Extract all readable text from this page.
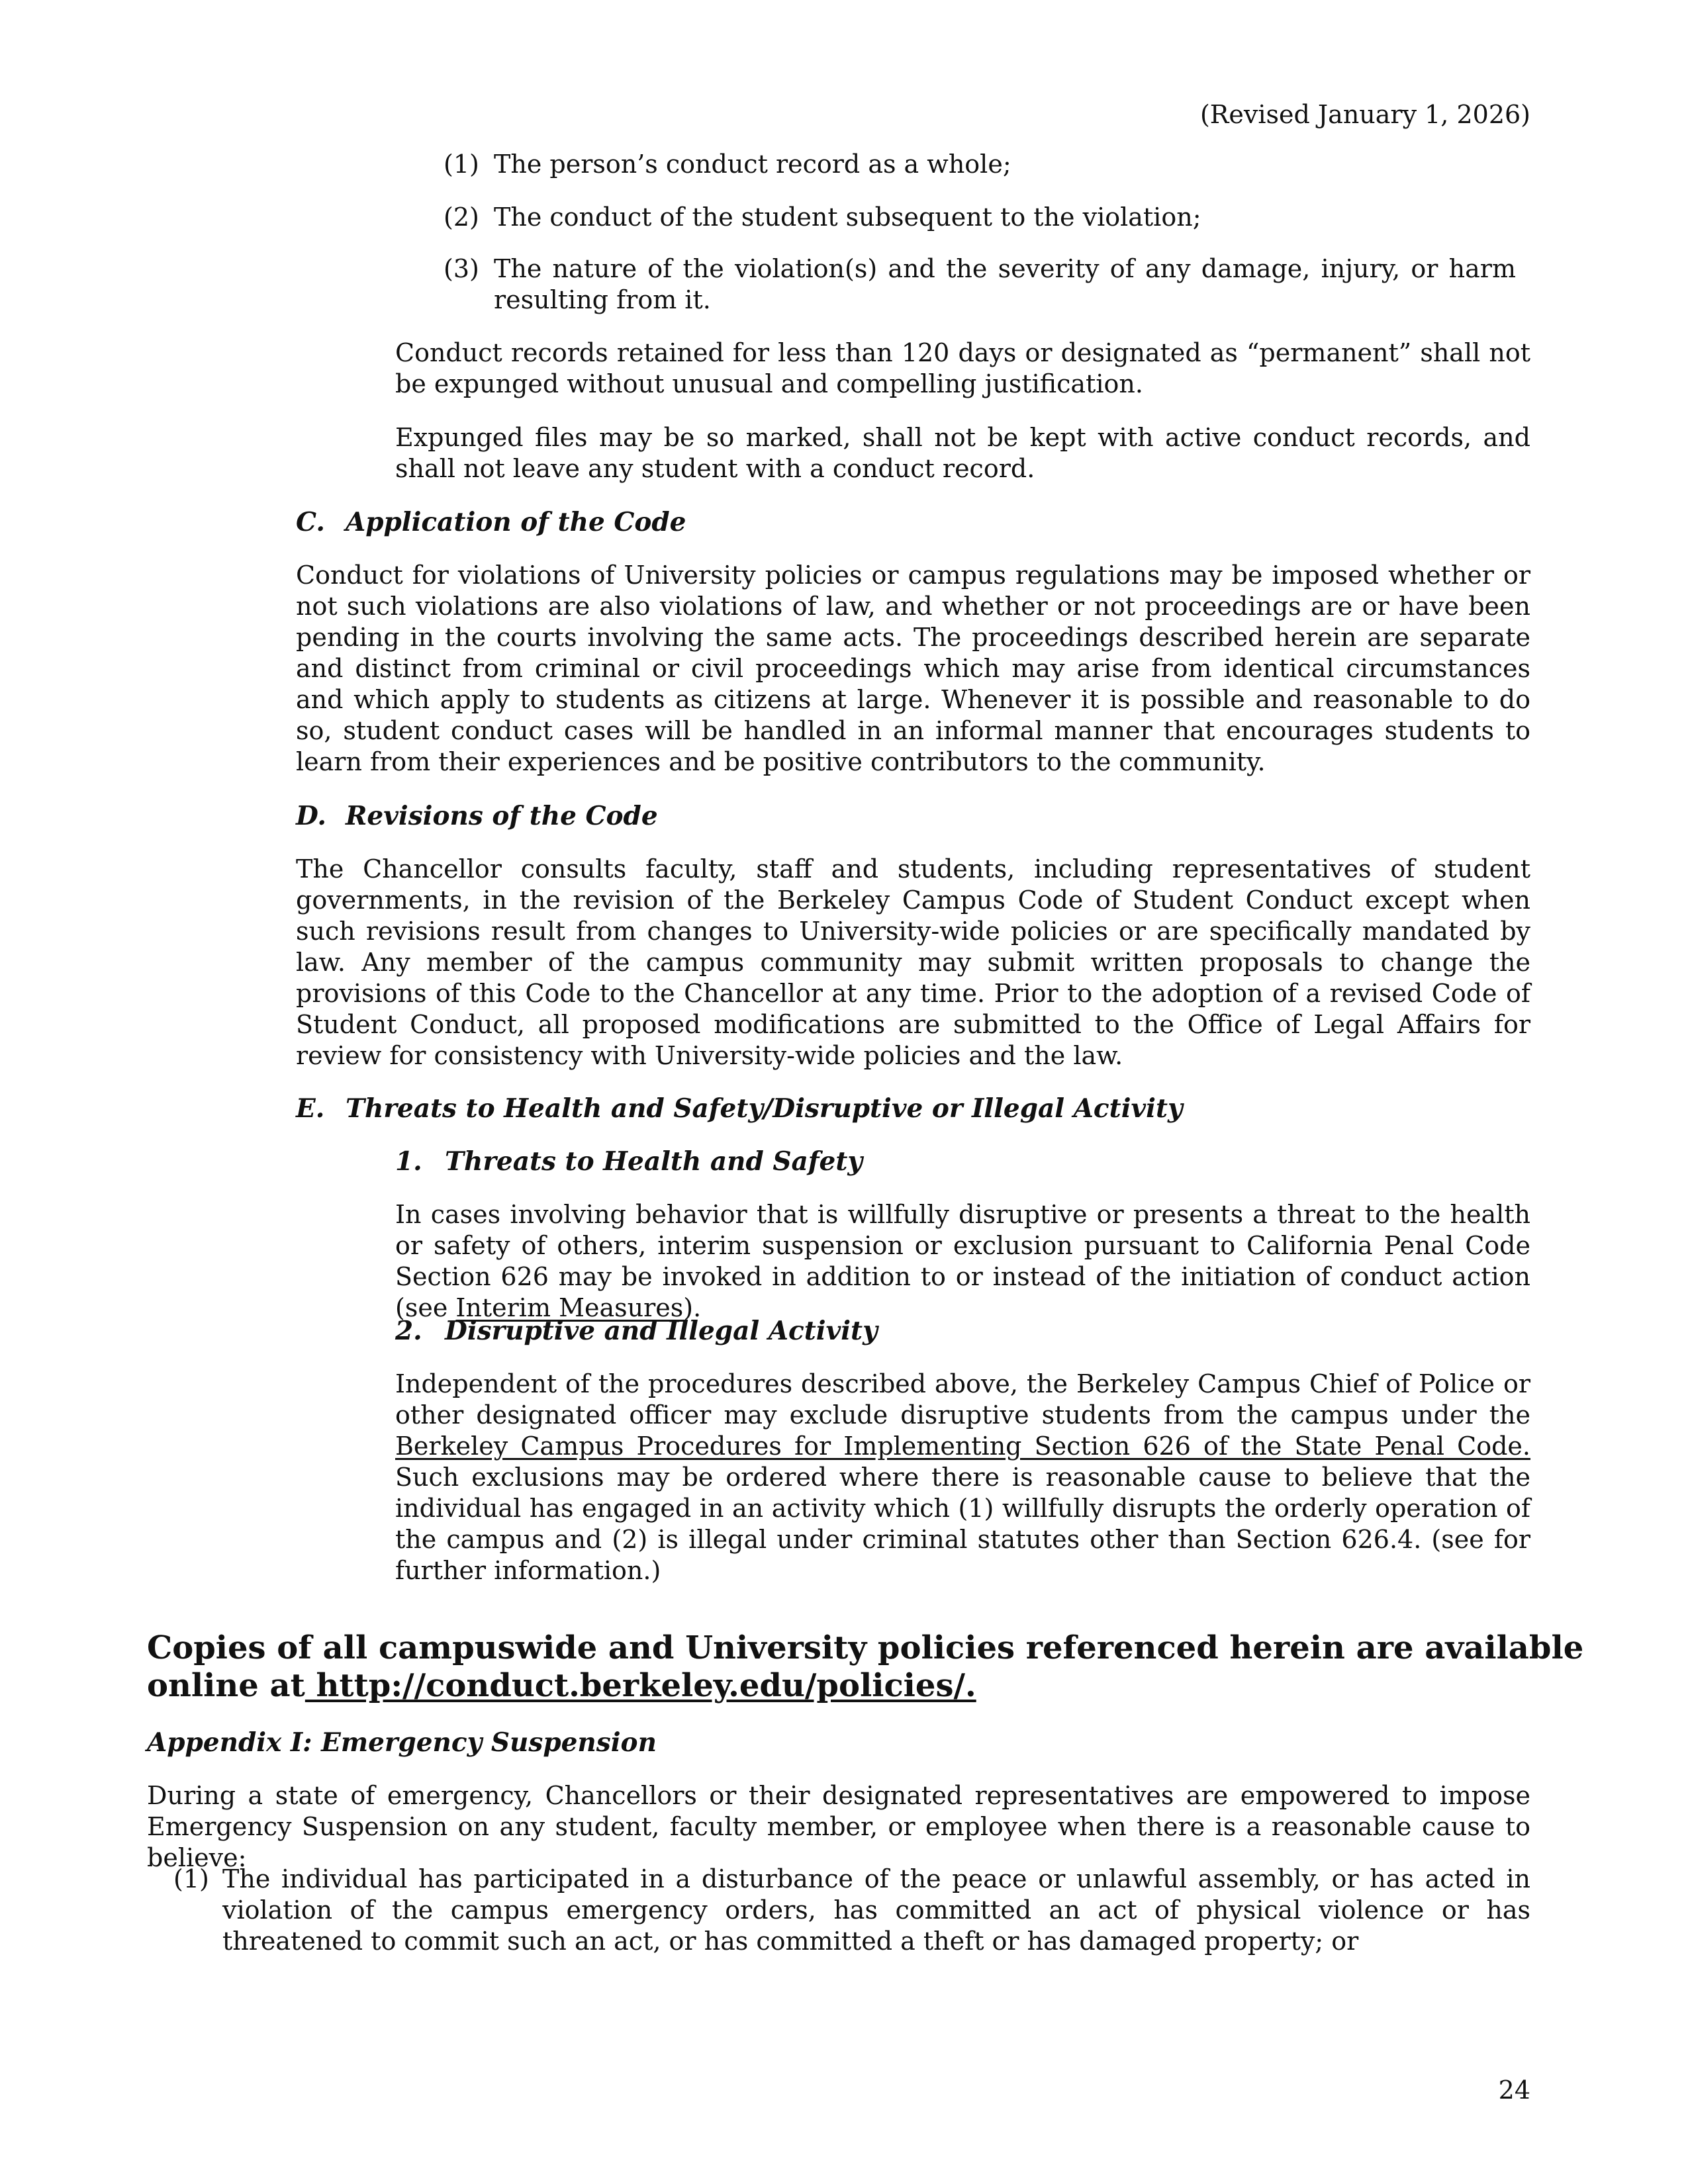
(Revised January 1, 2026)
(1) The person’s conduct record as a whole;
(2) The conduct of the student subsequent to the violation;
(3) The nature of the violation(s) and the severity of any damage, injury, or harm resulting from it.

Conduct records retained for less than 120 days or designated as “permanent” shall not be expunged without unusual and compelling justification.

Expunged files may be so marked, shall not be kept with active conduct records, and shall not leave any student with a conduct record.

C. Application of the Code

Conduct for violations of University policies or campus regulations may be imposed whether or not such violations are also violations of law, and whether or not proceedings are or have been pending in the courts involving the same acts. The proceedings described herein are separate and distinct from criminal or civil proceedings which may arise from identical circumstances and which apply to students as citizens at large. Whenever it is possible and reasonable to do so, student conduct cases will be handled in an informal manner that encourages students to learn from their experiences and be positive contributors to the community.

D. Revisions of the Code

The Chancellor consults faculty, staff and students, including representatives of student governments, in the revision of the Berkeley Campus Code of Student Conduct except when such revisions result from changes to University-wide policies or are specifically mandated by law. Any member of the campus community may submit written proposals to change the provisions of this Code to the Chancellor at any time. Prior to the adoption of a revised Code of Student Conduct, all proposed modifications are submitted to the Office of Legal Affairs for review for consistency with University-wide policies and the law.

E. Threats to Health and Safety/Disruptive or Illegal Activity
1. Threats to Health and Safety

In cases involving behavior that is willfully disruptive or presents a threat to the health or safety of others, interim suspension or exclusion pursuant to California Penal Code Section 626 may be invoked in addition to or instead of the initiation of conduct action (see Interim Measures).

2. Disruptive and Illegal Activity

Independent of the procedures described above, the Berkeley Campus Chief of Police or other designated officer may exclude disruptive students from the campus under the Berkeley Campus Procedures for Implementing Section 626 of the State Penal Code. Such exclusions may be ordered where there is reasonable cause to believe that the individual has engaged in an activity which (1) willfully disrupts the orderly operation of the campus and (2) is illegal under criminal statutes other than Section 626.4. (see for further information.)

Copies of all campuswide and University policies referenced herein are available
online at http://conduct.berkeley.edu/policies/.
Appendix I: Emergency Suspension

During a state of emergency, Chancellors or their designated representatives are empowered to impose Emergency Suspension on any student, faculty member, or employee when there is a reasonable cause to believe:

(1) The individual has participated in a disturbance of the peace or unlawful assembly, or has acted in violation of the campus emergency orders, has committed an act of physical violence or has threatened to commit such an act, or has committed a theft or has damaged property; or
24
